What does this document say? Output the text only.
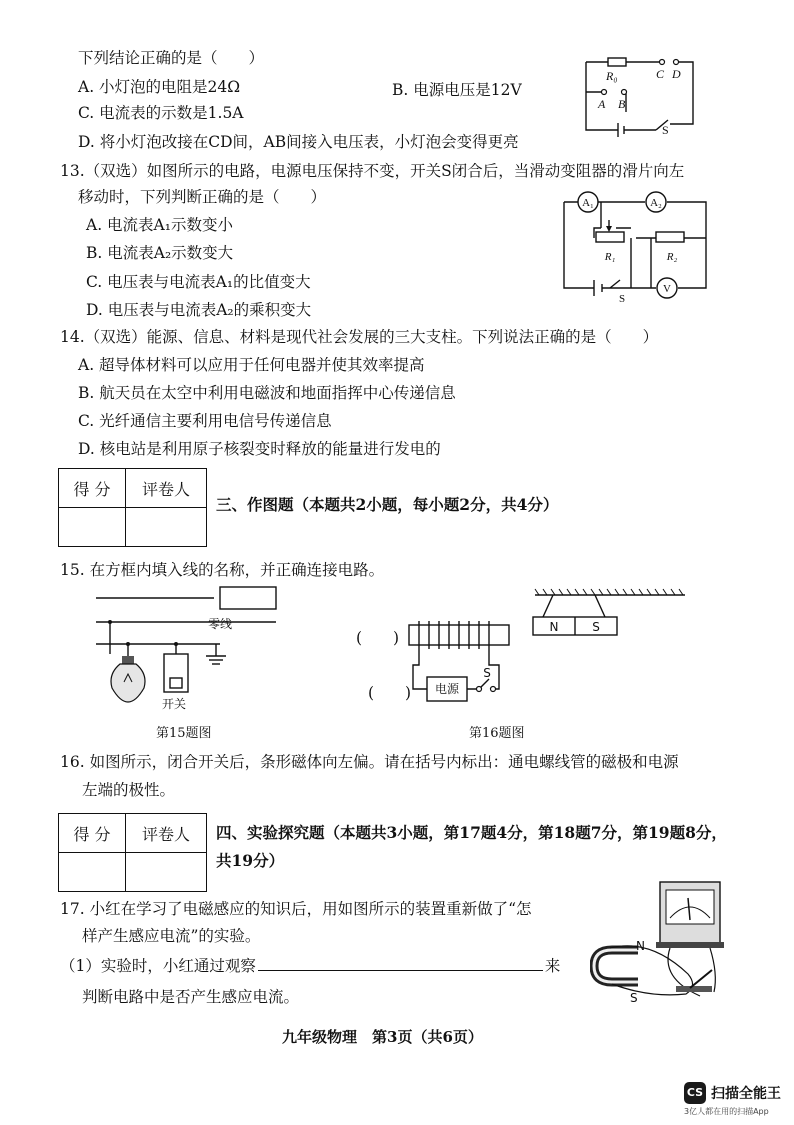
下列结论正确的是（　　）
A. 小灯泡的电阻是24Ω	B. 电源电压是12V
C. 电流表的示数是1.5A
D. 将小灯泡改接在CD间，AB间接入电压表，小灯泡会变得更亮
R₀	C D
A B
S
13.（双选）如图所示的电路，电源电压保持不变，开关S闭合后，当滑动变阻器的滑片向左
移动时，下列判断正确的是（　　）
A. 电流表A₁示数变小
B. 电流表A₂示数变大
C. 电压表与电流表A₁的比值变大
D. 电压表与电流表A₂的乘积变大
A₁	A₂
V
R₁	R₂
S
14.（双选）能源、信息、材料是现代社会发展的三大支柱。下列说法正确的是（　　）
A. 超导体材料可以应用于任何电器并使其效率提高
B. 航天员在太空中利用电磁波和地面指挥中心传递信息
C. 光纤通信主要利用电信号传递信息
D. 核电站是利用原子核裂变时释放的能量进行发电的
得 分	评卷人

三、作图题（本题共2小题，每小题2分，共4分）
15. 在方框内填入线的名称，并正确连接电路。
零线
开关
第15题图
(　　)
(　　) 电源
S
N	S
第16题图
16. 如图所示，闭合开关后，条形磁体向左偏。请在括号内标出：通电螺线管的磁极和电源
左端的极性。
得 分	评卷人
	四、实验探究题（本题共3小题，第17题4分，第18题7分，第19题8分，
共19分）
17. 小红在学习了电磁感应的知识后，用如图所示的装置重新做了“怎
样产生感应电流”的实验。
（1）实验时，小红通过观察	来
判断电路中是否产生感应电流。
N
S
九年级物理　第3页（共6页）
CS 扫描全能王
3亿人都在用的扫描App
